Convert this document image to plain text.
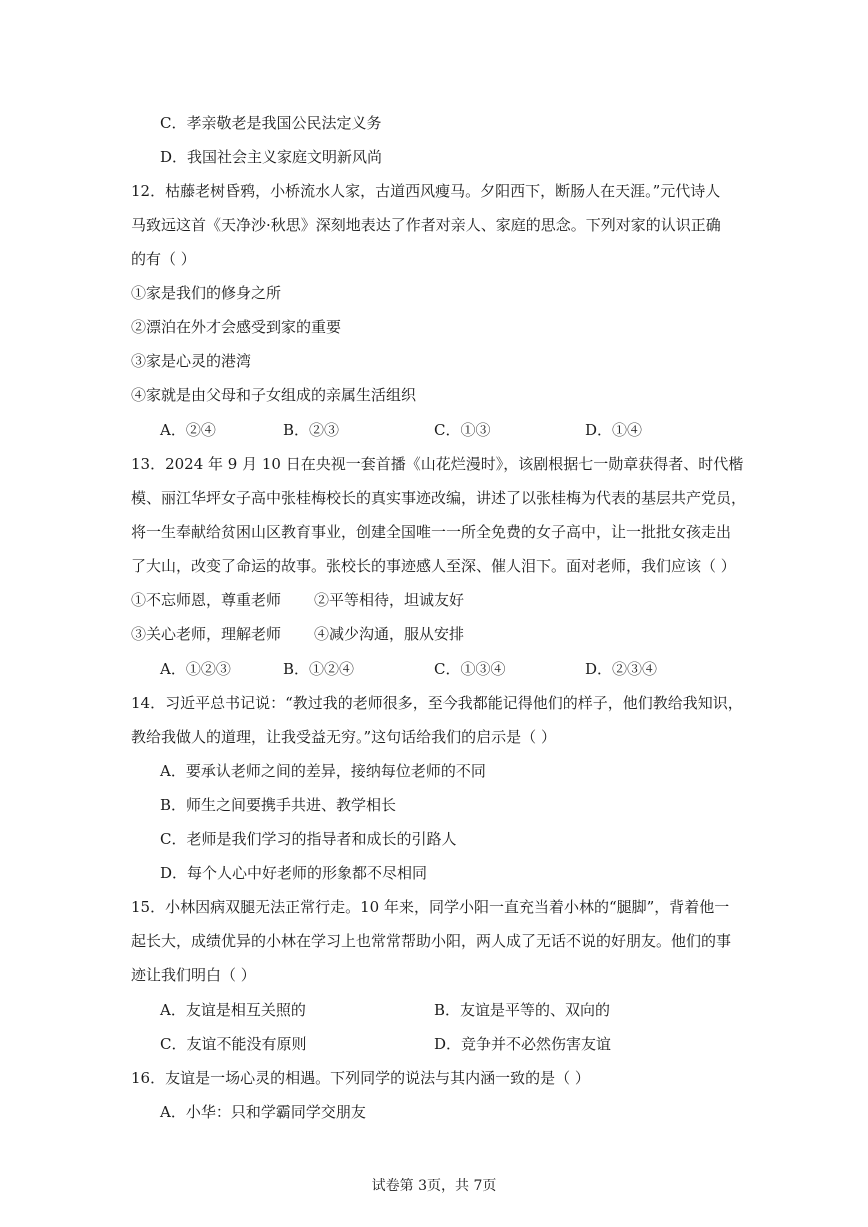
C．孝亲敬老是我国公民法定义务
D．我国社会主义家庭文明新风尚
12．枯藤老树昏鸦，小桥流水人家，古道西风瘦马。夕阳西下，断肠人在天涯。”元代诗人
马致远这首《天净沙·秋思》深刻地表达了作者对亲人、家庭的思念。下列对家的认识正确
的有（ ）
①家是我们的修身之所
②漂泊在外才会感受到家的重要
③家是心灵的港湾
④家就是由父母和子女组成的亲属生活组织
A．②④	B．②③	C．①③	D．①④
13．2024 年 9 月 10 日在央视一套首播《山花烂漫时》，该剧根据七一勋章获得者、时代楷
模、丽江华坪女子高中张桂梅校长的真实事迹改编，讲述了以张桂梅为代表的基层共产党员，
将一生奉献给贫困山区教育事业，创建全国唯一一所全免费的女子高中，让一批批女孩走出
了大山，改变了命运的故事。张校长的事迹感人至深、催人泪下。面对老师，我们应该（ ）
①不忘师恩，尊重老师 ②平等相待，坦诚友好
③关心老师，理解老师 ④减少沟通，服从安排
A．①②③	B．①②④	C．①③④	D．②③④
14．习近平总书记说：“教过我的老师很多，至今我都能记得他们的样子，他们教给我知识，
教给我做人的道理，让我受益无穷。”这句话给我们的启示是（ ）
A．要承认老师之间的差异，接纳每位老师的不同
B．师生之间要携手共进、教学相长
C．老师是我们学习的指导者和成长的引路人
D．每个人心中好老师的形象都不尽相同
15．小林因病双腿无法正常行走。10 年来，同学小阳一直充当着小林的“腿脚”，背着他一
起长大，成绩优异的小林在学习上也常常帮助小阳，两人成了无话不说的好朋友。他们的事
迹让我们明白（ ）
A．友谊是相互关照的	B．友谊是平等的、双向的
C．友谊不能没有原则	D．竞争并不必然伤害友谊
16．友谊是一场心灵的相遇。下列同学的说法与其内涵一致的是（ ）
A．小华：只和学霸同学交朋友
试卷第 3页，共 7页
